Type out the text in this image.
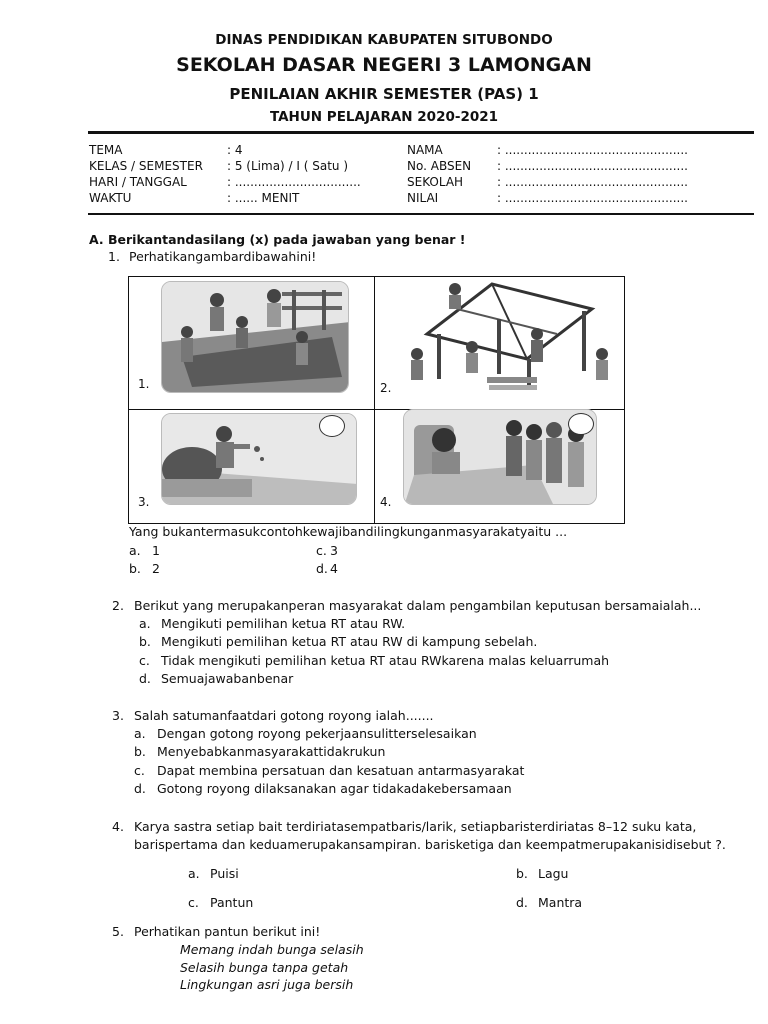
DINAS PENDIDIKAN KABUPATEN SITUBONDO
SEKOLAH DASAR NEGERI 3 LAMONGAN
PENILAIAN AKHIR SEMESTER (PAS) 1
TAHUN PELAJARAN 2020-2021
TEMA	: 4
KELAS / SEMESTER : 5 (Lima) / I ( Satu )
HARI / TANGGAL	: .................................
WAKTU	: ...... MENIT
NAMA	: ................................................
No. ABSEN : ................................................
SEKOLAH	: ................................................
NILAI	: ................................................
A. Berikantandasilang (x) pada jawaban yang benar !
1. Perhatikangambardibawahini!
1.	2.
3.	4.
Yang bukantermasukcontohkewajibandilingkunganmasyarakatyaitu ...
a. 1	c. 3
b. 2	d. 4
2. Berikut yang merupakanperan masyarakat dalam pengambilan keputusan bersamaialah...
a. Mengikuti pemilihan ketua RT atau RW.
b. Mengikuti pemilihan ketua RT atau RW di kampung sebelah.
c. Tidak mengikuti pemilihan ketua RT atau RWkarena malas keluarrumah
d. Semuajawabanbenar
3. Salah satumanfaatdari gotong royong ialah.......
a. Dengan gotong royong pekerjaansulitterselesaikan
b. Menyebabkanmasyarakattidakrukun
c. Dapat membina persatuan dan kesatuan antarmasyarakat
d. Gotong royong dilaksanakan agar tidakadakebersamaan
4. Karya sastra setiap bait terdiriatasempatbaris/larik, setiapbaristerdiriatas 8–12 suku kata,
barispertama dan keduamerupakansampiran. barisketiga dan keempatmerupakanisidisebut ?.
a. Puisi	b. Lagu
c. Pantun	d. Mantra
5. Perhatikan pantun berikut ini!
Memang indah bunga selasih
Selasih bunga tanpa getah
Lingkungan asri juga bersih
